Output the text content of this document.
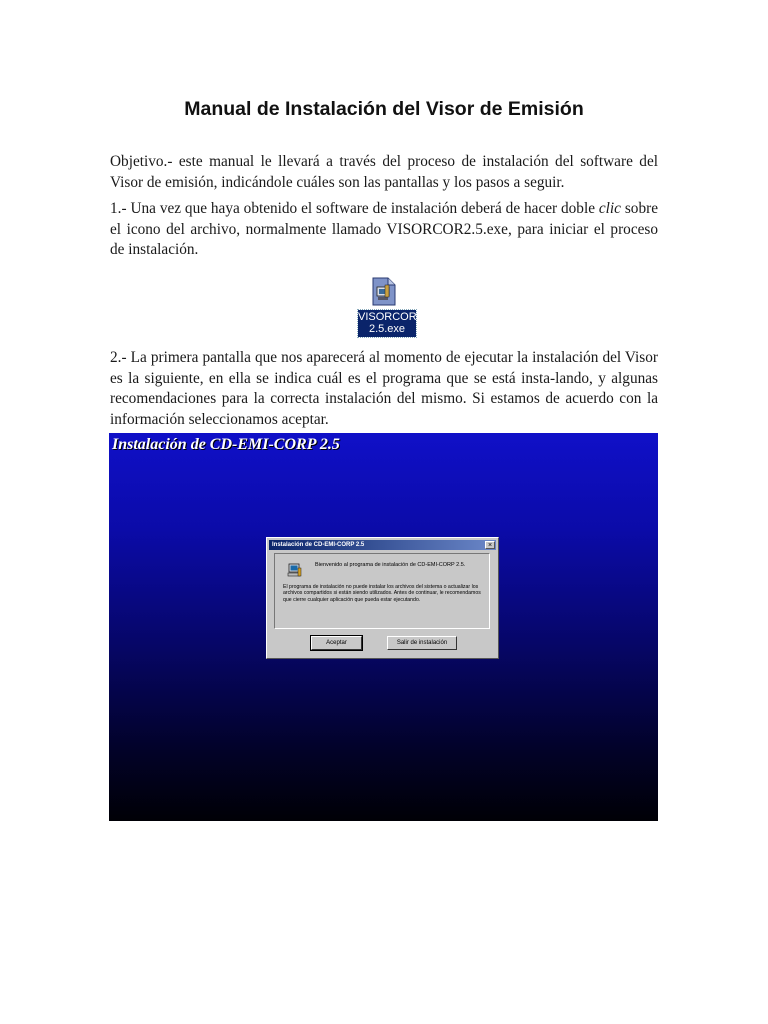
Manual de Instalación del Visor de Emisión
Objetivo.- este manual le llevará a través del proceso de instalación del software del Visor de emisión, indicándole cuáles son las pantallas y los pasos a seguir.
1.- Una vez que haya obtenido el software de instalación deberá de hacer doble clic sobre el icono del archivo, normalmente llamado VISORCOR2.5.exe, para iniciar el proceso de instalación.
VISORCOR
2.5.exe
2.- La primera pantalla que nos aparecerá al momento de ejecutar la instalación del Visor es la siguiente, en ella se indica cuál es el programa que se está insta-lando, y algunas recomendaciones para la correcta instalación del mismo. Si estamos de acuerdo con la información seleccionamos aceptar.
Instalación de CD-EMI-CORP 2.5
Instalación de CD-EMI-CORP 2.5	×
Bienvenido al programa de instalación de CD-EMI-CORP 2.5.
El programa de instalación no puede instalar los archivos del sistema o actualizar los archivos compartidos si están siendo utilizados. Antes de continuar, le recomendamos que cierre cualquier aplicación que pueda estar ejecutando.
Aceptar	Salir de instalación
